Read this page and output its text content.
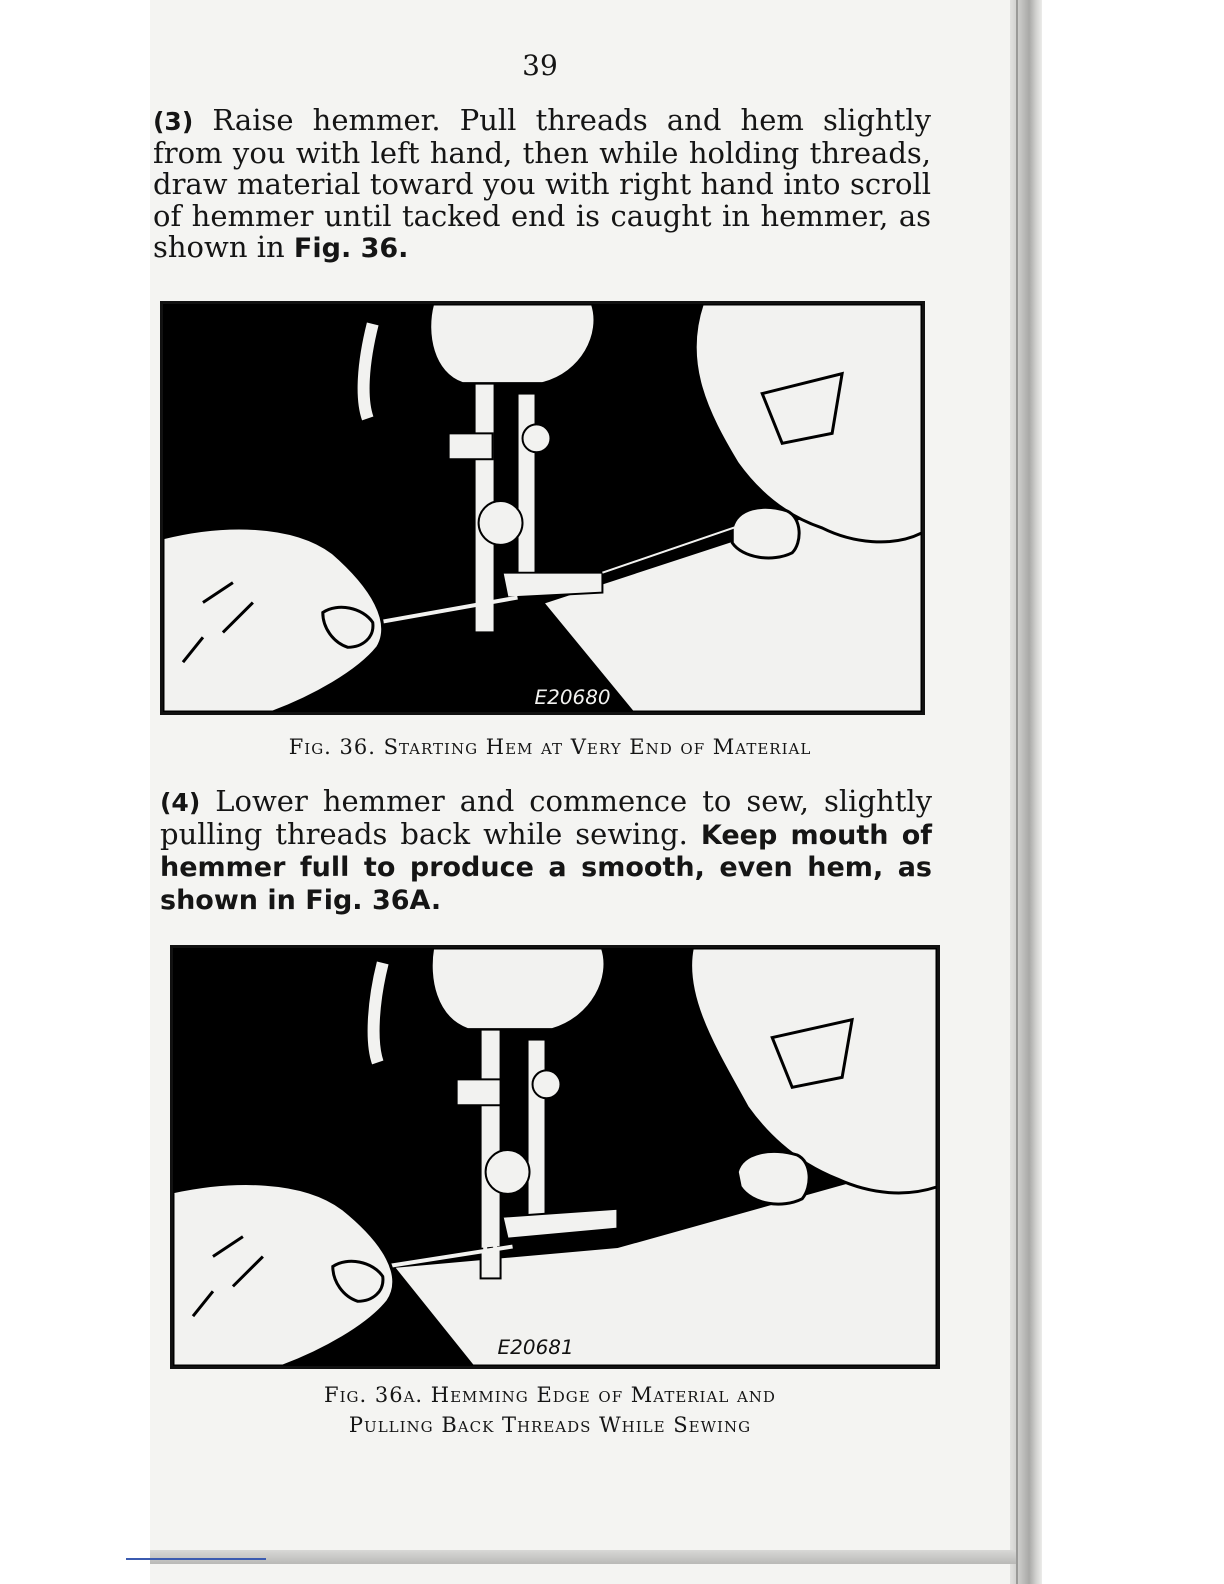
39
(3) Raise hemmer. Pull threads and hem slightly from you with left hand, then while holding threads, draw material toward you with right hand into scroll of hemmer until tacked end is caught in hemmer, as shown in Fig. 36.
E20680
Fig. 36. Starting Hem at Very End of Material
(4) Lower hemmer and commence to sew, slightly pulling threads back while sewing. Keep mouth of hemmer full to produce a smooth, even hem, as shown in Fig. 36A.
E20681
Fig. 36a. Hemming Edge of Material and
Pulling Back Threads While Sewing
